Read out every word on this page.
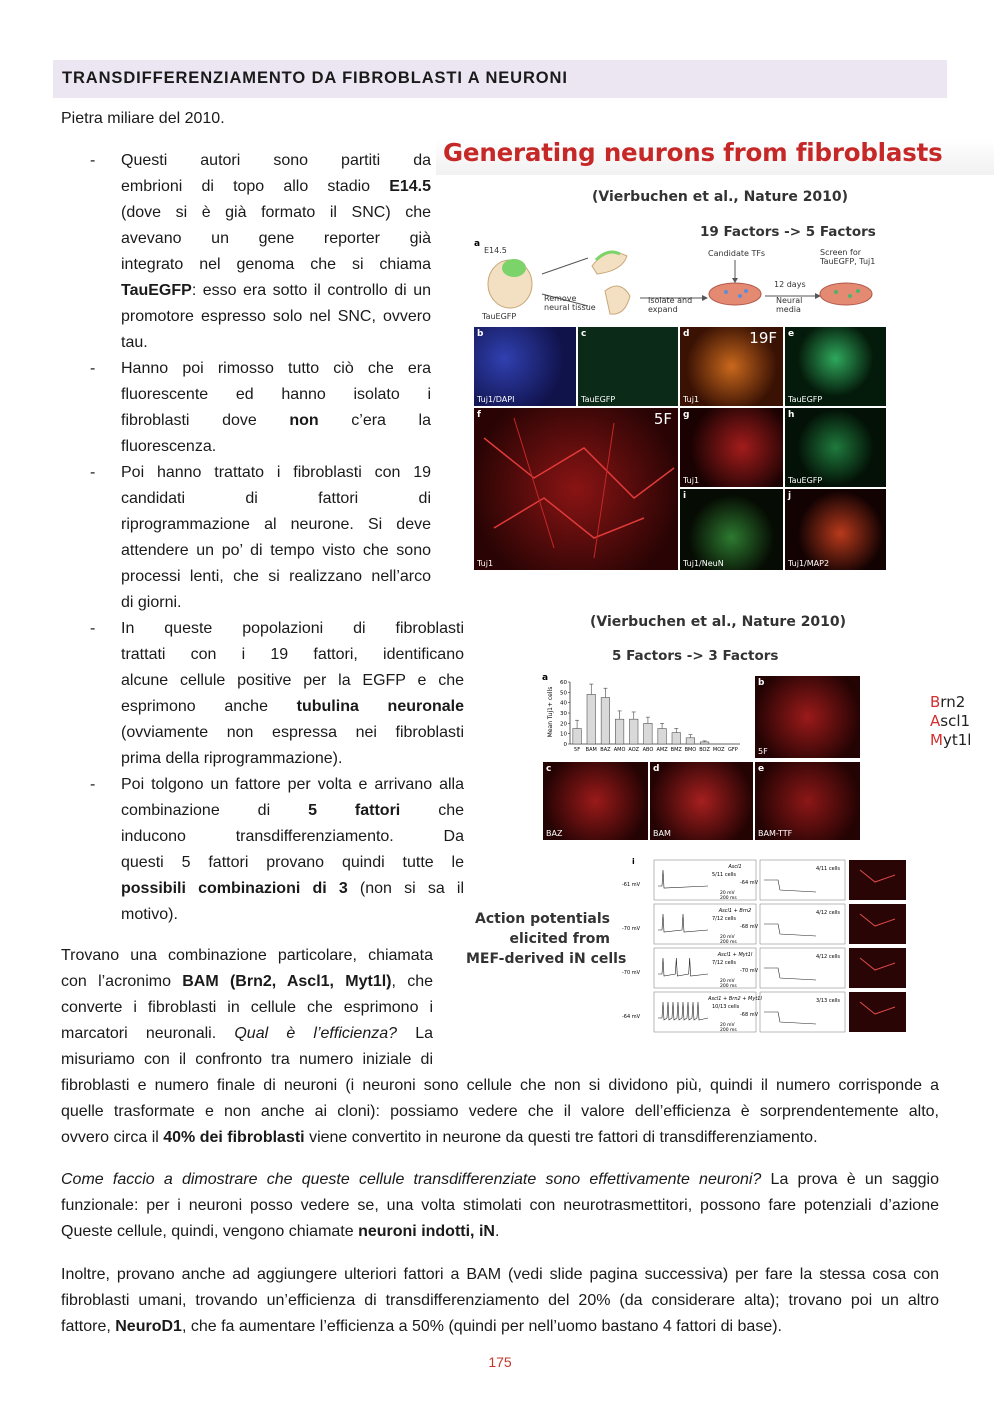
TRANSDIFFERENZIAMENTO DA FIBROBLASTI A NEURONI
Pietra miliare del 2010.
- Questi autori sono partiti da
embrioni di topo allo stadio E14.5
(dove si è già formato il SNC) che
avevano un gene reporter già
integrato nel genoma che si chiama
TauEGFP: esso era sotto il controllo di un
promotore espresso solo nel SNC, ovvero
tau.
- Hanno poi rimosso tutto ciò che era
fluorescente ed hanno isolato i
fibroblasti dove non c’era la
fluorescenza.
- Poi hanno trattato i fibroblasti con 19
candidati di fattori di
riprogrammazione al neurone. Si deve
attendere un po’ di tempo visto che sono
processi lenti, che si realizzano nell’arco
di giorni.
- In queste popolazioni di fibroblasti
trattati con i 19 fattori, identificano
alcune cellule positive per la EGFP e che
esprimono anche tubulina neuronale
(ovviamente non espressa nei fibroblasti
prima della riprogrammazione).
- Poi tolgono un fattore per volta e arrivano alla
combinazione di 5 fattori che
inducono transdifferenziamento. Da
questi 5 fattori provano quindi tutte le
possibili combinazioni di 3 (non si sa il
motivo).
Generating neurons from fibroblasts
(Vierbuchen et al., Nature 2010)
19 Factors -> 5 Factors
a
E14.5
TauEGFP
Remove
neural tissue
Isolate and
expand
Candidate TFs
12 days
Neural
media
Screen for
TauEGFP, Tuj1
b
Tuj1/DAPI
c
TauEGFP
d	19F
Tuj1
e
TauEGFP
f	5F
Tuj1
g
Tuj1
h
TauEGFP
i
Tuj1/NeuN
j
Tuj1/MAP2
(Vierbuchen et al., Nature 2010)
5 Factors -> 3 Factors
a
Mean Tuj1+ cells
0
10
20
30
40
50
60
5F BAM BAZ AMO AOZ ABO AMZ BMZ BMO BOZ MOZ GFP
b
5F
c
BAZ
d
BAM
e
BAM-TTF
Brn2
Ascl1
Myt1l
Action potentials
elicited from
MEF-derived iN cells
i
Ascl1
-61 mV	-64 mV
5/11 cells
4/11 cells
20 mV
200 ms
Ascl1 + Brn2
-70 mV	-68 mV
7/12 cells
4/12 cells
20 mV
200 ms
Ascl1 + Myt1l
-70 mV	-70 mV
7/12 cells
4/12 cells
20 mV
200 ms
Ascl1 + Brn2 + Myt1l
-64 mV	-68 mV
10/13 cells
3/13 cells
20 mV
200 ms
Trovano una combinazione particolare, chiamata
con l’acronimo BAM (Brn2, Ascl1, Myt1l), che
converte i fibroblasti in cellule che esprimono i
marcatori neuronali. Qual è l’efficienza? La
misuriamo con il confronto tra numero iniziale di
fibroblasti e numero finale di neuroni (i neuroni sono cellule che non si dividono più, quindi il numero corrisponde a
quelle trasformate e non anche ai cloni): possiamo vedere che il valore dell’efficienza è sorprendentemente alto,
ovvero circa il 40% dei fibroblasti viene convertito in neurone da questi tre fattori di transdifferenziamento.
Come faccio a dimostrare che queste cellule transdifferenziate sono effettivamente neuroni? La prova è un saggio
funzionale: per i neuroni posso vedere se, una volta stimolati con neurotrasmettitori, possono fare potenziali d’azione
Queste cellule, quindi, vengono chiamate neuroni indotti, iN.
Inoltre, provano anche ad aggiungere ulteriori fattori a BAM (vedi slide pagina successiva) per fare la stessa cosa con
fibroblasti umani, trovando un’efficienza di transdifferenziamento del 20% (da considerare alta); trovano poi un altro
fattore, NeuroD1, che fa aumentare l’efficienza a 50% (quindi per nell’uomo bastano 4 fattori di base).
175
